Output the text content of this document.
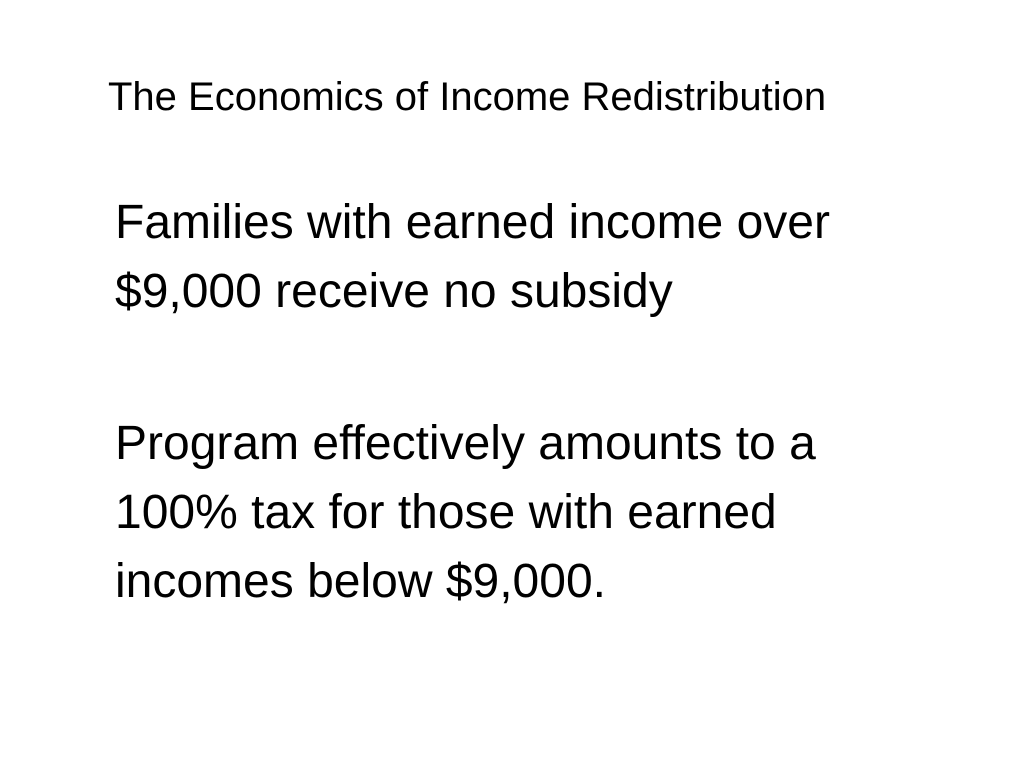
The Economics of Income Redistribution
Families with earned income over
$9,000 receive no subsidy
Program effectively amounts to a
100% tax for those with earned
incomes below $9,000.
